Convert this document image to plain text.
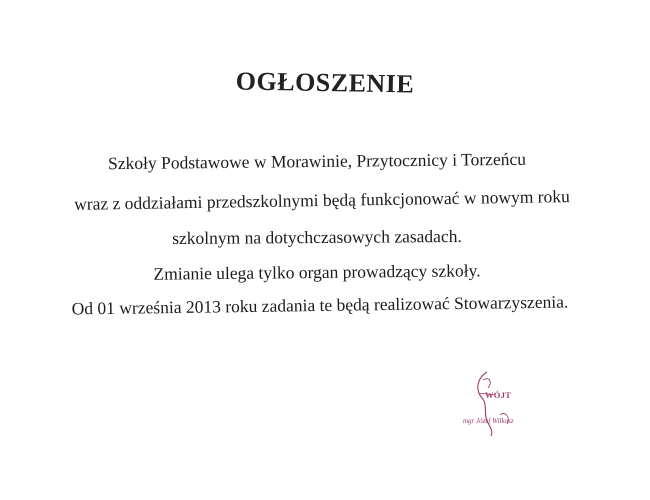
OGŁOSZENIE
Szkoły Podstawowe w Morawinie, Przytocznicy i Torzeńcu
wraz z oddziałami przedszkolnymi będą funkcjonować w nowym roku
szkolnym na dotychczasowych zasadach.
Zmianie ulega tylko organ prowadzący szkoły.
Od 01 września 2013 roku zadania te będą realizować Stowarzyszenia.
WÓJT
mgr Józef Wilkosz
